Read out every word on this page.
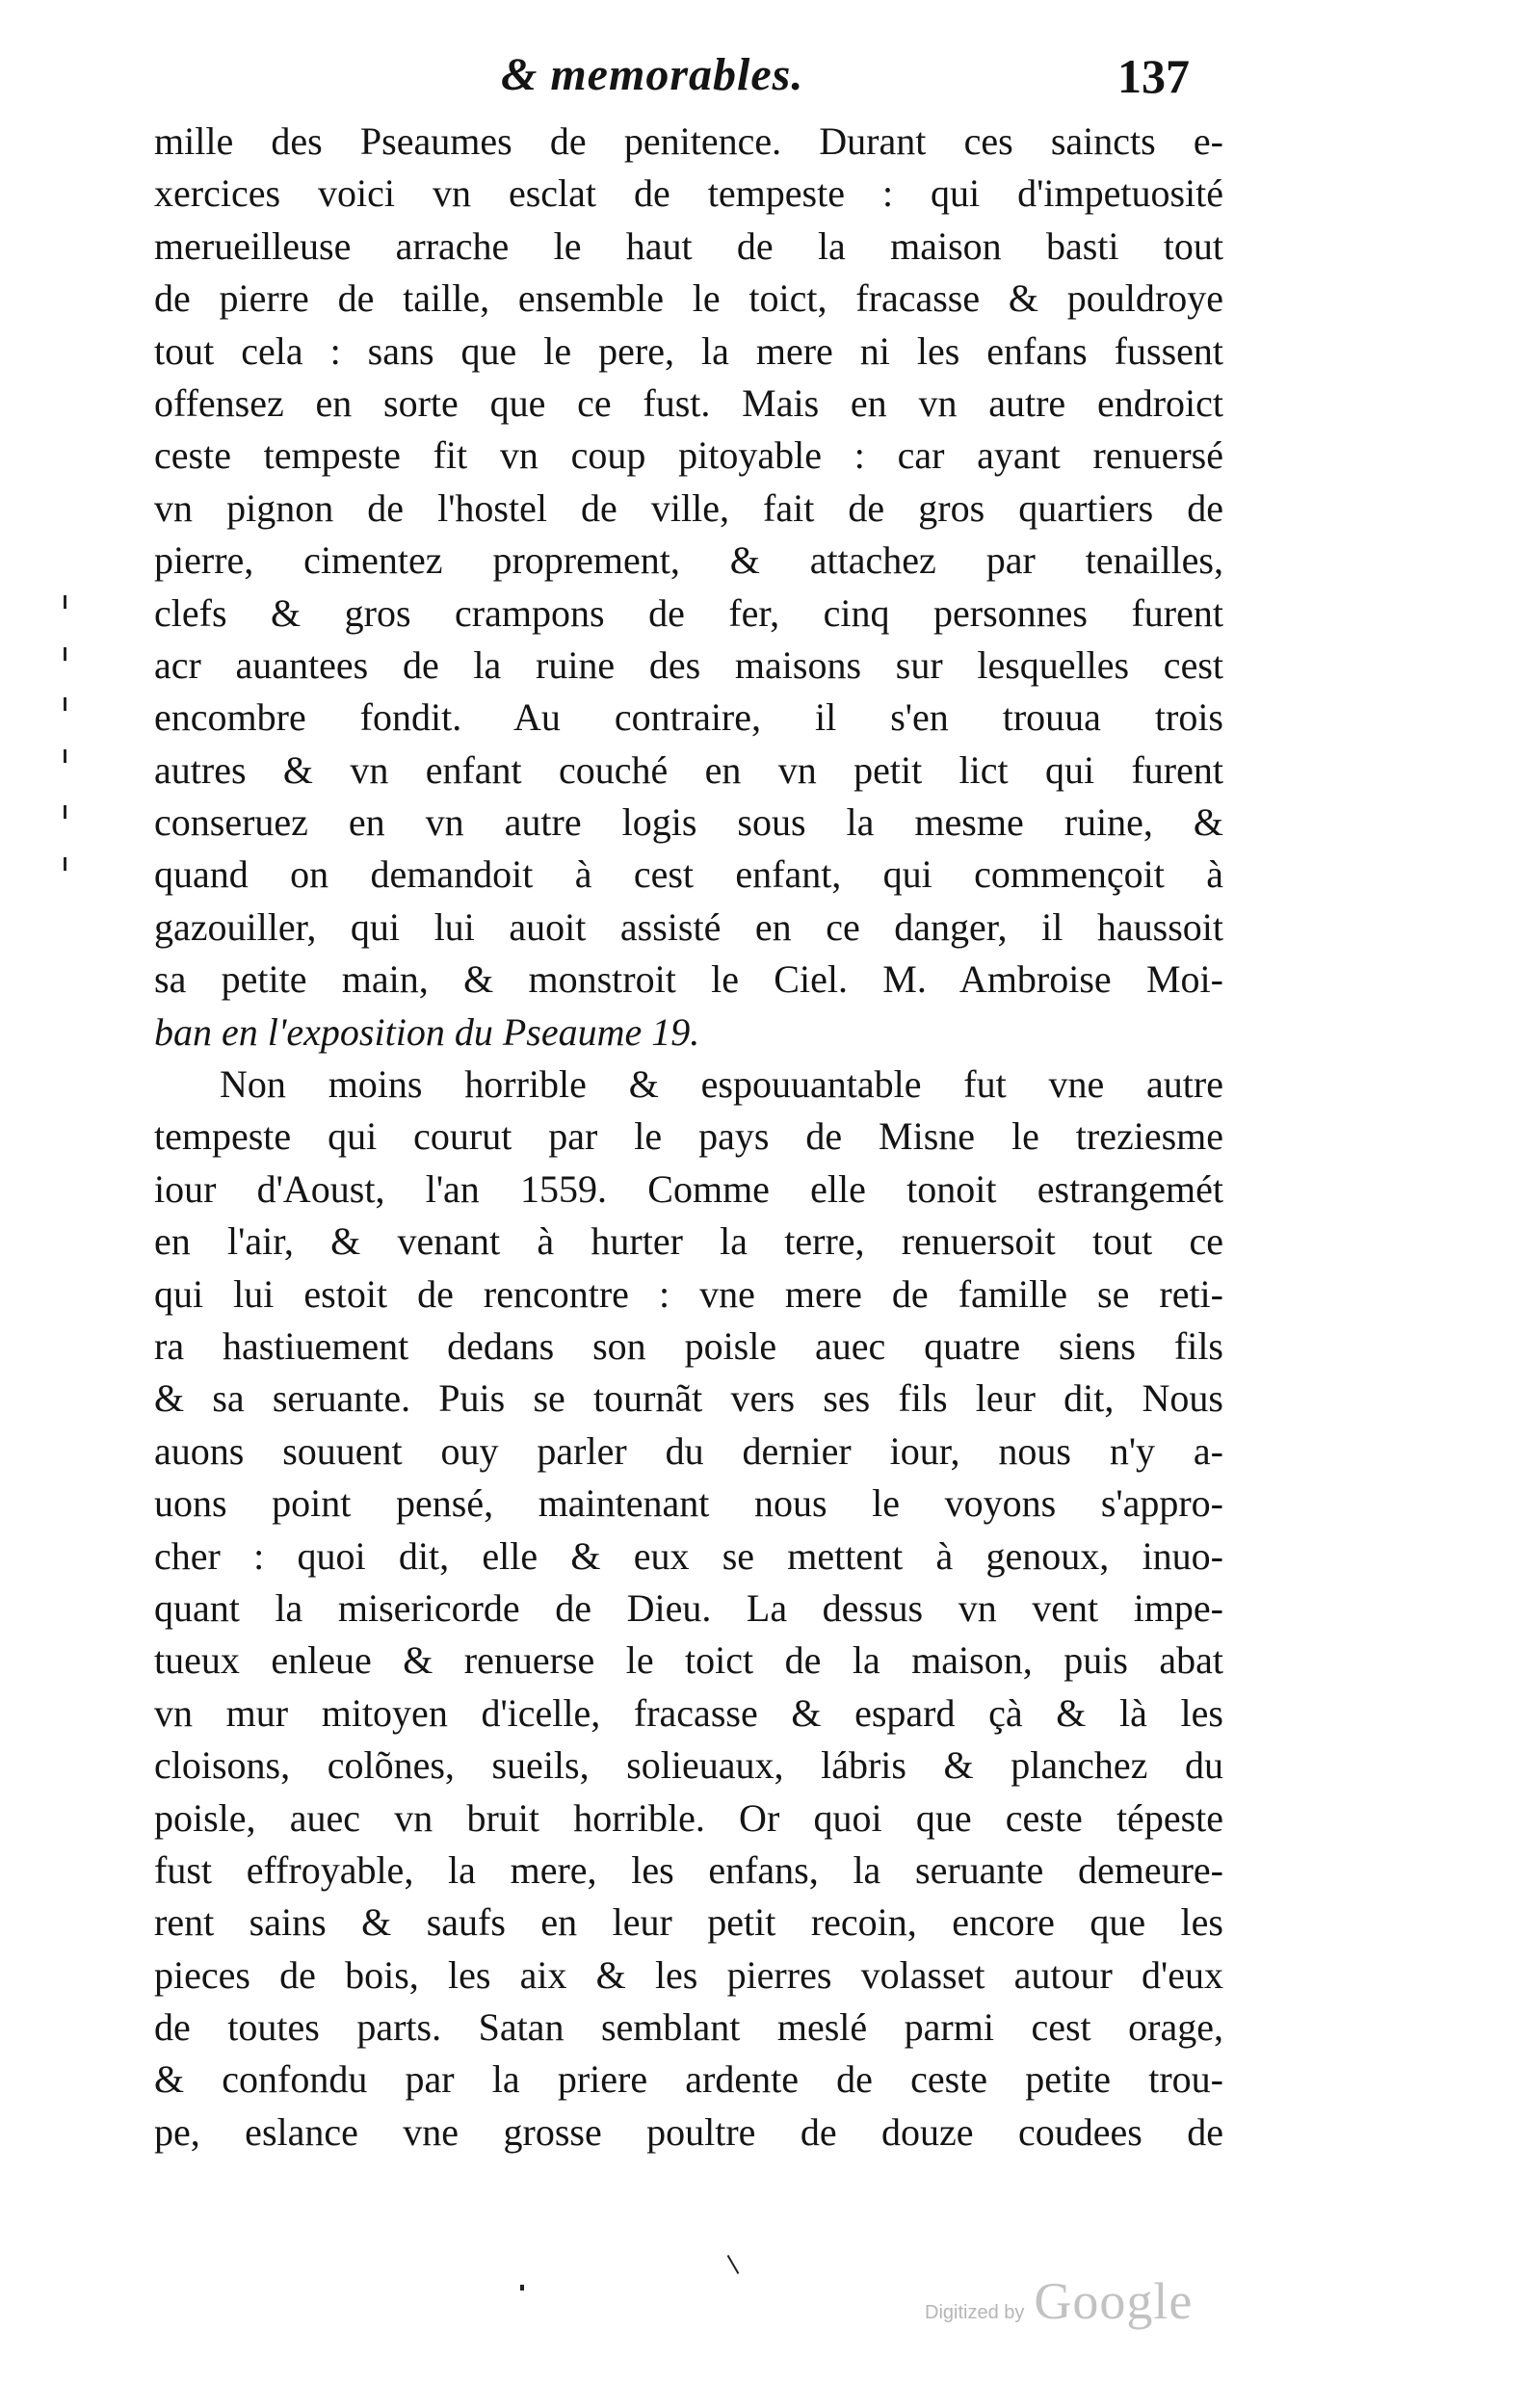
& memorables.	137
mille des Pseaumes de penitence. Durant ces saincts e-
xercices voici vn esclat de tempeste : qui d'impetuosité
merueilleuse arrache le haut de la maison basti tout
de pierre de taille, ensemble le toict, fracasse & pouldroye
tout cela : sans que le pere, la mere ni les enfans fussent
offensez en sorte que ce fust. Mais en vn autre endroict
ceste tempeste fit vn coup pitoyable : car ayant renuersé
vn pignon de l'hostel de ville, fait de gros quartiers de
pierre, cimentez proprement, & attachez par tenailles,
clefs & gros crampons de fer, cinq personnes furent
acr auantees de la ruine des maisons sur lesquelles cest
encombre fondit. Au contraire, il s'en trouua trois
autres & vn enfant couché en vn petit lict qui furent
conseruez en vn autre logis sous la mesme ruine, &
quand on demandoit à cest enfant, qui commençoit à
gazouiller, qui lui auoit assisté en ce danger, il haussoit
sa petite main, & monstroit le Ciel. M. Ambroise Moi-
ban en l'exposition du Pseaume 19.
Non moins horrible & espouuantable fut vne autre
tempeste qui courut par le pays de Misne le treziesme
iour d'Aoust, l'an 1559. Comme elle tonoit estrangemét
en l'air, & venant à hurter la terre, renuersoit tout ce
qui lui estoit de rencontre : vne mere de famille se reti-
ra hastiuement dedans son poisle auec quatre siens fils
& sa seruante. Puis se tournãt vers ses fils leur dit, Nous
auons souuent ouy parler du dernier iour, nous n'y a-
uons point pensé, maintenant nous le voyons s'appro-
cher : quoi dit, elle & eux se mettent à genoux, inuo-
quant la misericorde de Dieu. La dessus vn vent impe-
tueux enleue & renuerse le toict de la maison, puis abat
vn mur mitoyen d'icelle, fracasse & espard çà & là les
cloisons, colõnes, sueils, solieuaux, lábris & planchez du
poisle, auec vn bruit horrible. Or quoi que ceste tépeste
fust effroyable, la mere, les enfans, la seruante demeure-
rent sains & saufs en leur petit recoin, encore que les
pieces de bois, les aix & les pierres volasset autour d'eux
de toutes parts. Satan semblant meslé parmi cest orage,
& confondu par la priere ardente de ceste petite trou-
pe, eslance vne grosse poultre de douze coudees de
Digitized by Google
